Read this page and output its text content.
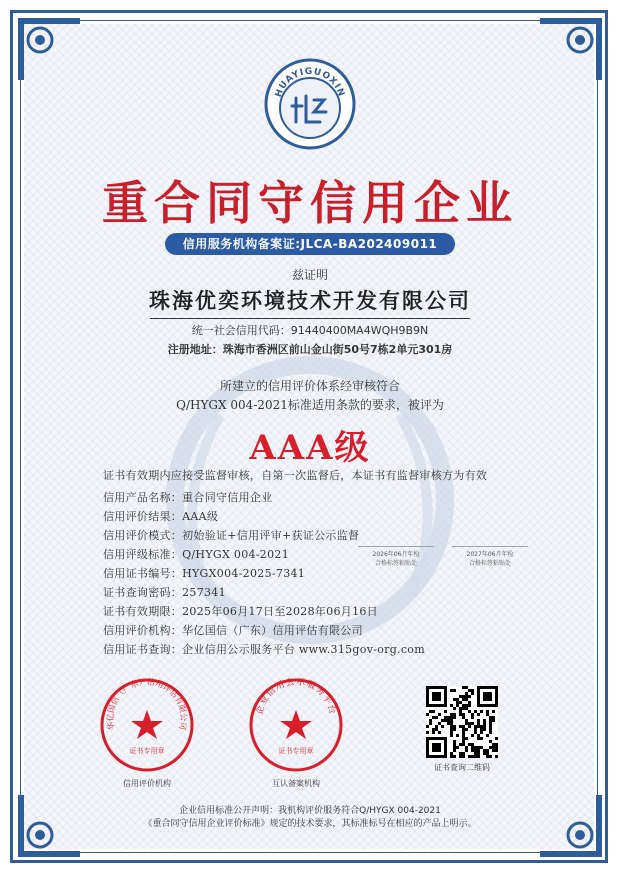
HUAYIGUOXIN
重合同守信用企业
信用服务机构备案证:JLCA-BA202409011
兹证明
珠海优奕环境技术开发有限公司
统一社会信用代码：91440400MA4WQH9B9N
注册地址：珠海市香洲区前山金山街50号7栋2单元301房
所建立的信用评价体系经审核符合
Q/HYGX 004-2021标准适用条款的要求，被评为
AAA级
证书有效期内应接受监督审核，自第一次监督后，本证书有监督审核方为有效
信用产品名称：重合同守信用企业
信用评价结果：AAA级
信用评价模式：初始验证+信用评审+获证公示监督
信用评级标准：Q/HYGX 004-2021
信用证书编号：HYGX004-2025-7341
证书查询密码：257341
证书有效期限：2025年06月17日至2028年06月16日
信用评价机构：华亿国信（广东）信用评估有限公司
信用证书查询：企业信用公示服务平台 www.315gov-org.com
2026年06月年检
合格标签粘贴处
2027年06月年检
合格标签粘贴处
华亿国信（广东）信用评估有限公司
证书专用章
信用评价机构
企业信用公示服务平台
证书专用章
互认备案机构
证书查询二维码
企业信用标准公开声明：我机构评价服务符合Q/HYGX 004-2021
《重合同守信用企业评价标准》规定的技术要求，其标准标号在相应的产品上明示。
